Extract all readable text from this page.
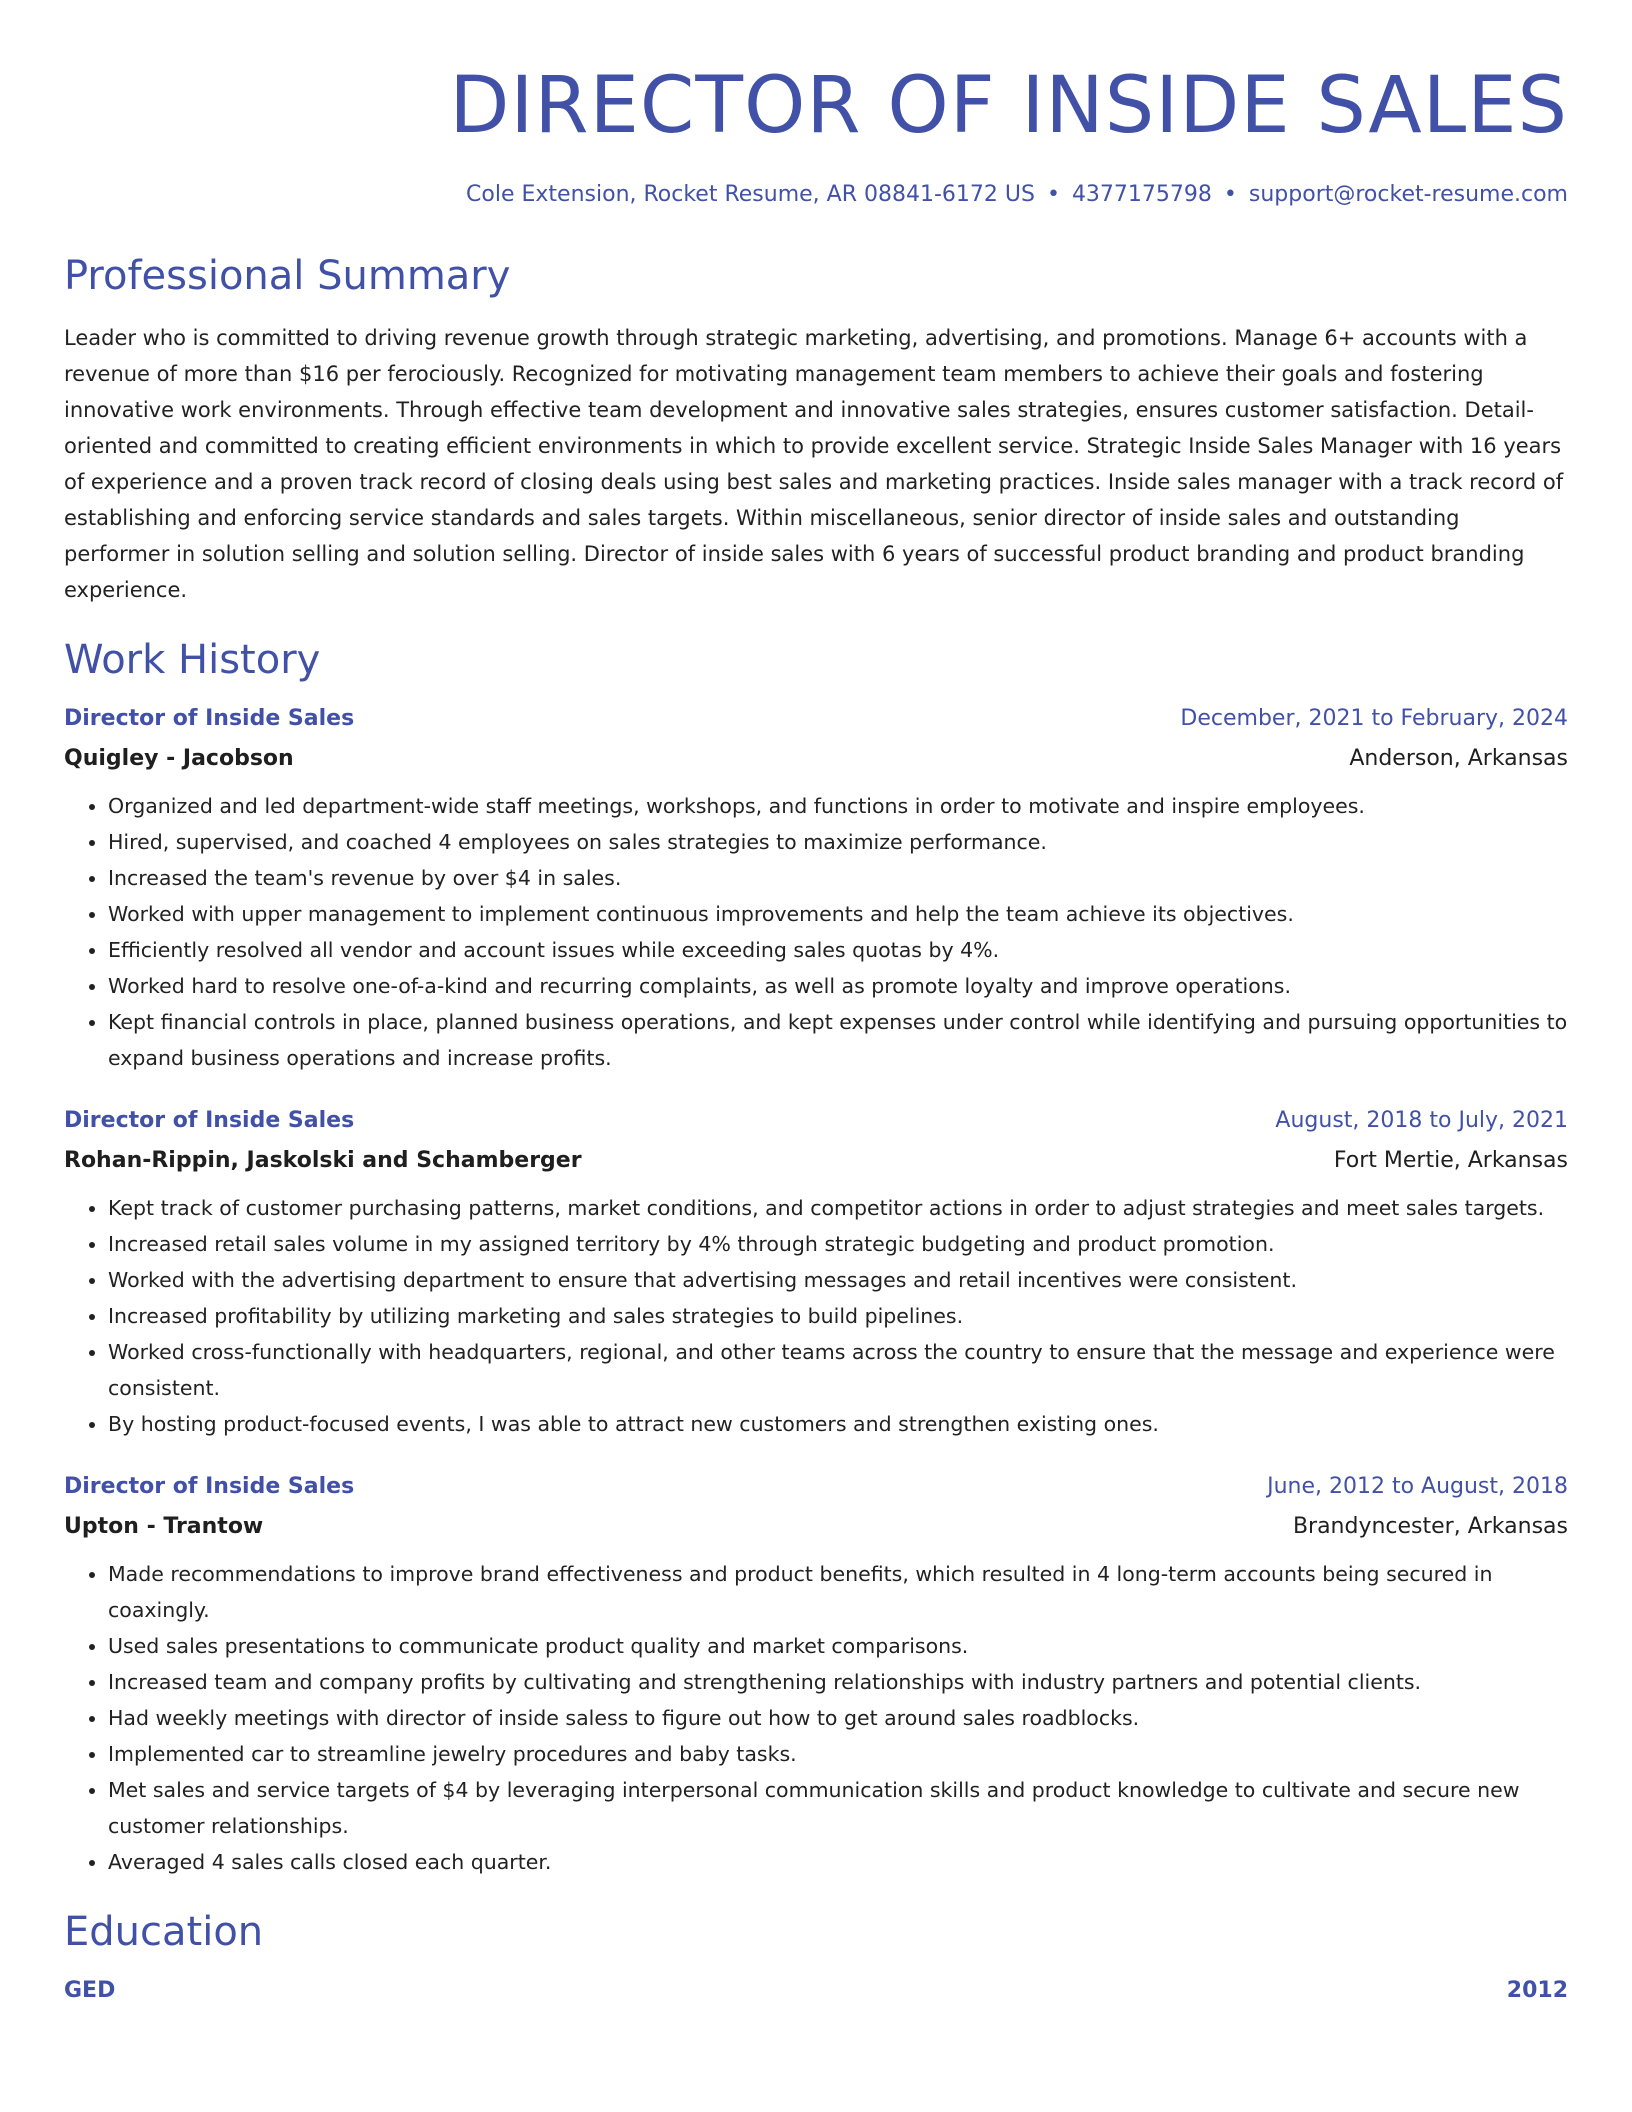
DIRECTOR OF INSIDE SALES
Cole Extension, Rocket Resume, AR 08841-6172 US • 4377175798 • support@rocket-resume.com
Professional Summary
Leader who is committed to driving revenue growth through strategic marketing, advertising, and promotions. Manage 6+ accounts with a revenue of more than $16 per ferociously. Recognized for motivating management team members to achieve their goals and fostering innovative work environments. Through effective team development and innovative sales strategies, ensures customer satisfaction. Detail-oriented and committed to creating efficient environments in which to provide excellent service. Strategic Inside Sales Manager with 16 years of experience and a proven track record of closing deals using best sales and marketing practices. Inside sales manager with a track record of establishing and enforcing service standards and sales targets. Within miscellaneous, senior director of inside sales and outstanding performer in solution selling and solution selling. Director of inside sales with 6 years of successful product branding and product branding experience.
Work History
Director of Inside Sales	December, 2021 to February, 2024
Quigley - Jacobson	Anderson, Arkansas
• Organized and led department-wide staff meetings, workshops, and functions in order to motivate and inspire employees.
• Hired, supervised, and coached 4 employees on sales strategies to maximize performance.
• Increased the team's revenue by over $4 in sales.
• Worked with upper management to implement continuous improvements and help the team achieve its objectives.
• Efficiently resolved all vendor and account issues while exceeding sales quotas by 4%.
• Worked hard to resolve one-of-a-kind and recurring complaints, as well as promote loyalty and improve operations.
• Kept financial controls in place, planned business operations, and kept expenses under control while identifying and pursuing opportunities to expand business operations and increase profits.
Director of Inside Sales	August, 2018 to July, 2021
Rohan-Rippin, Jaskolski and Schamberger	Fort Mertie, Arkansas
• Kept track of customer purchasing patterns, market conditions, and competitor actions in order to adjust strategies and meet sales targets.
• Increased retail sales volume in my assigned territory by 4% through strategic budgeting and product promotion.
• Worked with the advertising department to ensure that advertising messages and retail incentives were consistent.
• Increased profitability by utilizing marketing and sales strategies to build pipelines.
• Worked cross-functionally with headquarters, regional, and other teams across the country to ensure that the message and experience were consistent.
• By hosting product-focused events, I was able to attract new customers and strengthen existing ones.
Director of Inside Sales	June, 2012 to August, 2018
Upton - Trantow	Brandyncester, Arkansas
• Made recommendations to improve brand effectiveness and product benefits, which resulted in 4 long-term accounts being secured in coaxingly.
• Used sales presentations to communicate product quality and market comparisons.
• Increased team and company profits by cultivating and strengthening relationships with industry partners and potential clients.
• Had weekly meetings with director of inside saless to figure out how to get around sales roadblocks.
• Implemented car to streamline jewelry procedures and baby tasks.
• Met sales and service targets of $4 by leveraging interpersonal communication skills and product knowledge to cultivate and secure new customer relationships.
• Averaged 4 sales calls closed each quarter.
Education
GED	2012
